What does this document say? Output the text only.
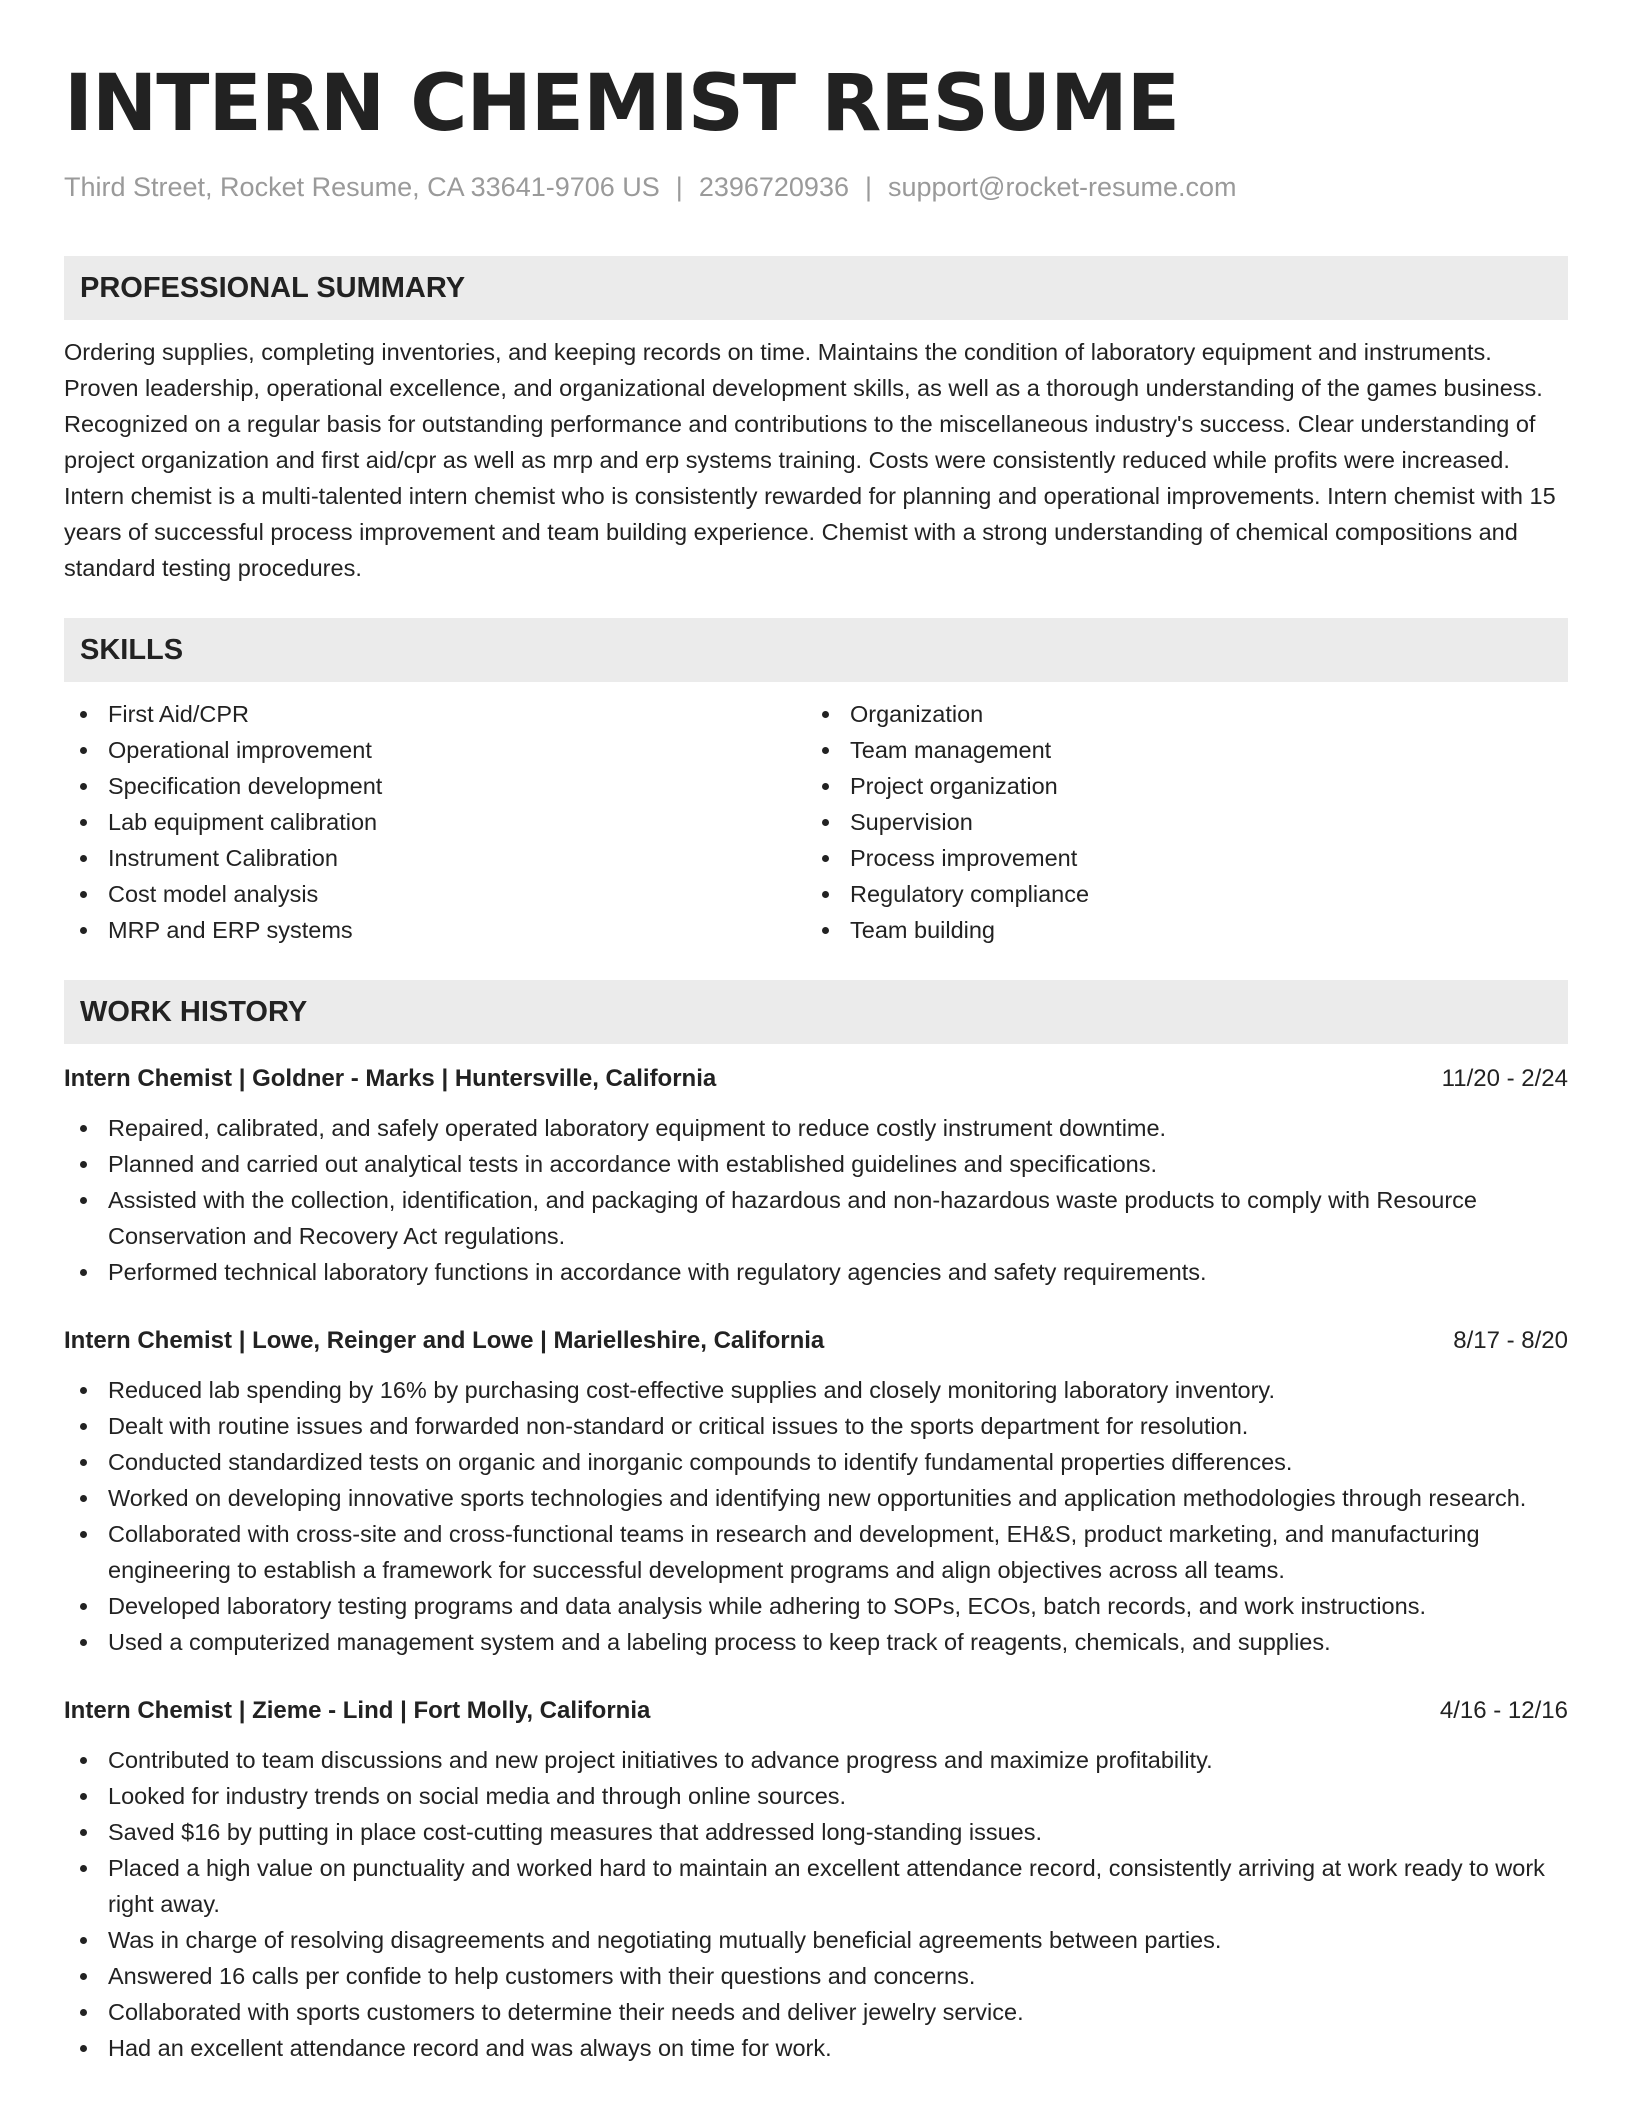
INTERN CHEMIST RESUME
Third Street, Rocket Resume, CA 33641-9706 US | 2396720936 | support@rocket-resume.com
PROFESSIONAL SUMMARY
Ordering supplies, completing inventories, and keeping records on time. Maintains the condition of laboratory equipment and instruments. Proven leadership, operational excellence, and organizational development skills, as well as a thorough understanding of the games business. Recognized on a regular basis for outstanding performance and contributions to the miscellaneous industry's success. Clear understanding of project organization and first aid/cpr as well as mrp and erp systems training. Costs were consistently reduced while profits were increased. Intern chemist is a multi-talented intern chemist who is consistently rewarded for planning and operational improvements. Intern chemist with 15 years of successful process improvement and team building experience. Chemist with a strong understanding of chemical compositions and standard testing procedures.
SKILLS
First Aid/CPR
Operational improvement
Specification development
Lab equipment calibration
Instrument Calibration
Cost model analysis
MRP and ERP systems
Organization
Team management
Project organization
Supervision
Process improvement
Regulatory compliance
Team building
WORK HISTORY
Intern Chemist | Goldner - Marks | Huntersville, California	11/20 - 2/24
Repaired, calibrated, and safely operated laboratory equipment to reduce costly instrument downtime.
Planned and carried out analytical tests in accordance with established guidelines and specifications.
Assisted with the collection, identification, and packaging of hazardous and non-hazardous waste products to comply with Resource Conservation and Recovery Act regulations.
Performed technical laboratory functions in accordance with regulatory agencies and safety requirements.
Intern Chemist | Lowe, Reinger and Lowe | Marielleshire, California	8/17 - 8/20
Reduced lab spending by 16% by purchasing cost-effective supplies and closely monitoring laboratory inventory.
Dealt with routine issues and forwarded non-standard or critical issues to the sports department for resolution.
Conducted standardized tests on organic and inorganic compounds to identify fundamental properties differences.
Worked on developing innovative sports technologies and identifying new opportunities and application methodologies through research.
Collaborated with cross-site and cross-functional teams in research and development, EH&S, product marketing, and manufacturing engineering to establish a framework for successful development programs and align objectives across all teams.
Developed laboratory testing programs and data analysis while adhering to SOPs, ECOs, batch records, and work instructions.
Used a computerized management system and a labeling process to keep track of reagents, chemicals, and supplies.
Intern Chemist | Zieme - Lind | Fort Molly, California	4/16 - 12/16
Contributed to team discussions and new project initiatives to advance progress and maximize profitability.
Looked for industry trends on social media and through online sources.
Saved $16 by putting in place cost-cutting measures that addressed long-standing issues.
Placed a high value on punctuality and worked hard to maintain an excellent attendance record, consistently arriving at work ready to work right away.
Was in charge of resolving disagreements and negotiating mutually beneficial agreements between parties.
Answered 16 calls per confide to help customers with their questions and concerns.
Collaborated with sports customers to determine their needs and deliver jewelry service.
Had an excellent attendance record and was always on time for work.
